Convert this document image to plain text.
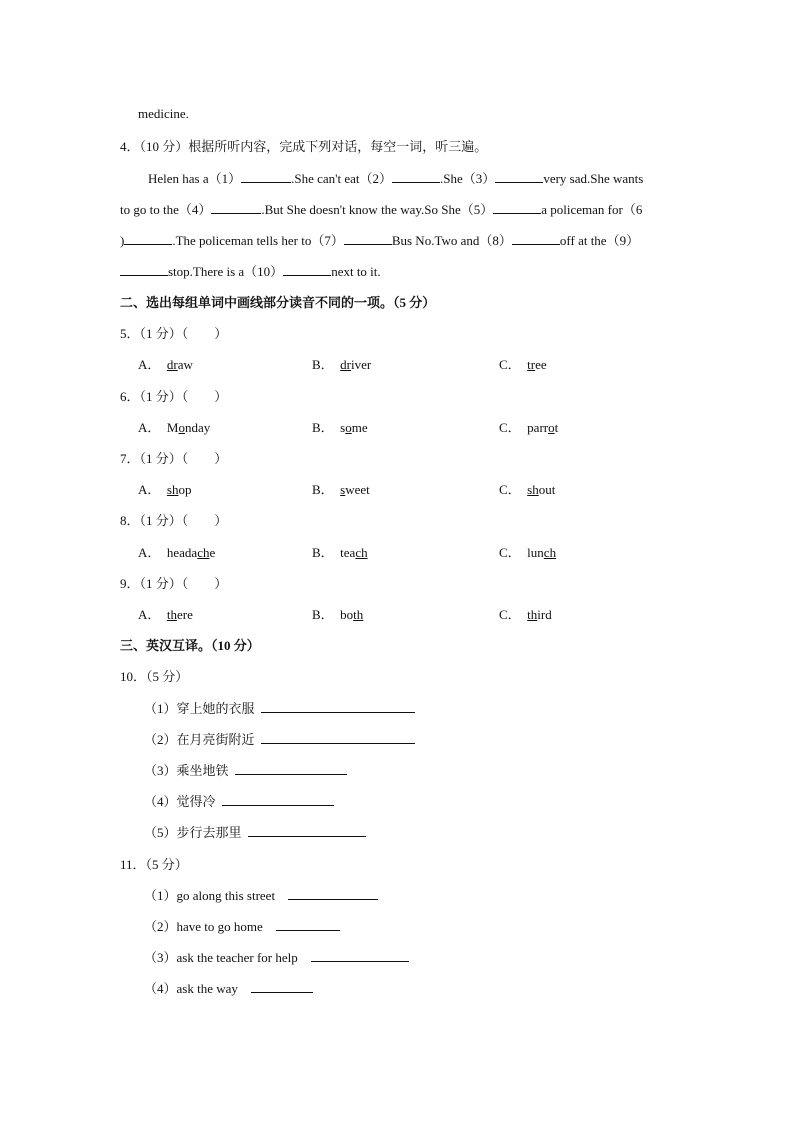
medicine.
4．（10 分）根据所听内容，完成下列对话，每空一词，听三遍。
Helen has a（1）	.She can't eat（2）	.She（3）	very sad.She wants
to go to the（4）	.But She doesn't know the way.So She（5）	a policeman for（6
)	.The policeman tells her to（7）	Bus No.Two and（8）	off at the（9）
stop.There is a（10）	next to it.
二、选出每组单词中画线部分读音不同的一项。（5 分）
5．（1 分）（　　）
A． draw	B． driver	C． tree
6．（1 分）（　　）
A． Monday	B． some	C． parrot
7．（1 分）（　　）
A． shop	B． sweet	C． shout
8．（1 分）（　　）
A． headache	B． teach	C． lunch
9．（1 分）（　　）
A． there	B． both	C． third
三、英汉互译。（10 分）
10．（5 分）
（1）穿上她的衣服
（2）在月亮街附近
（3）乘坐地铁
（4）觉得冷
（5）步行去那里
11．（5 分）
（1）go along this street
（2）have to go home
（3）ask the teacher for help
（4）ask the way
